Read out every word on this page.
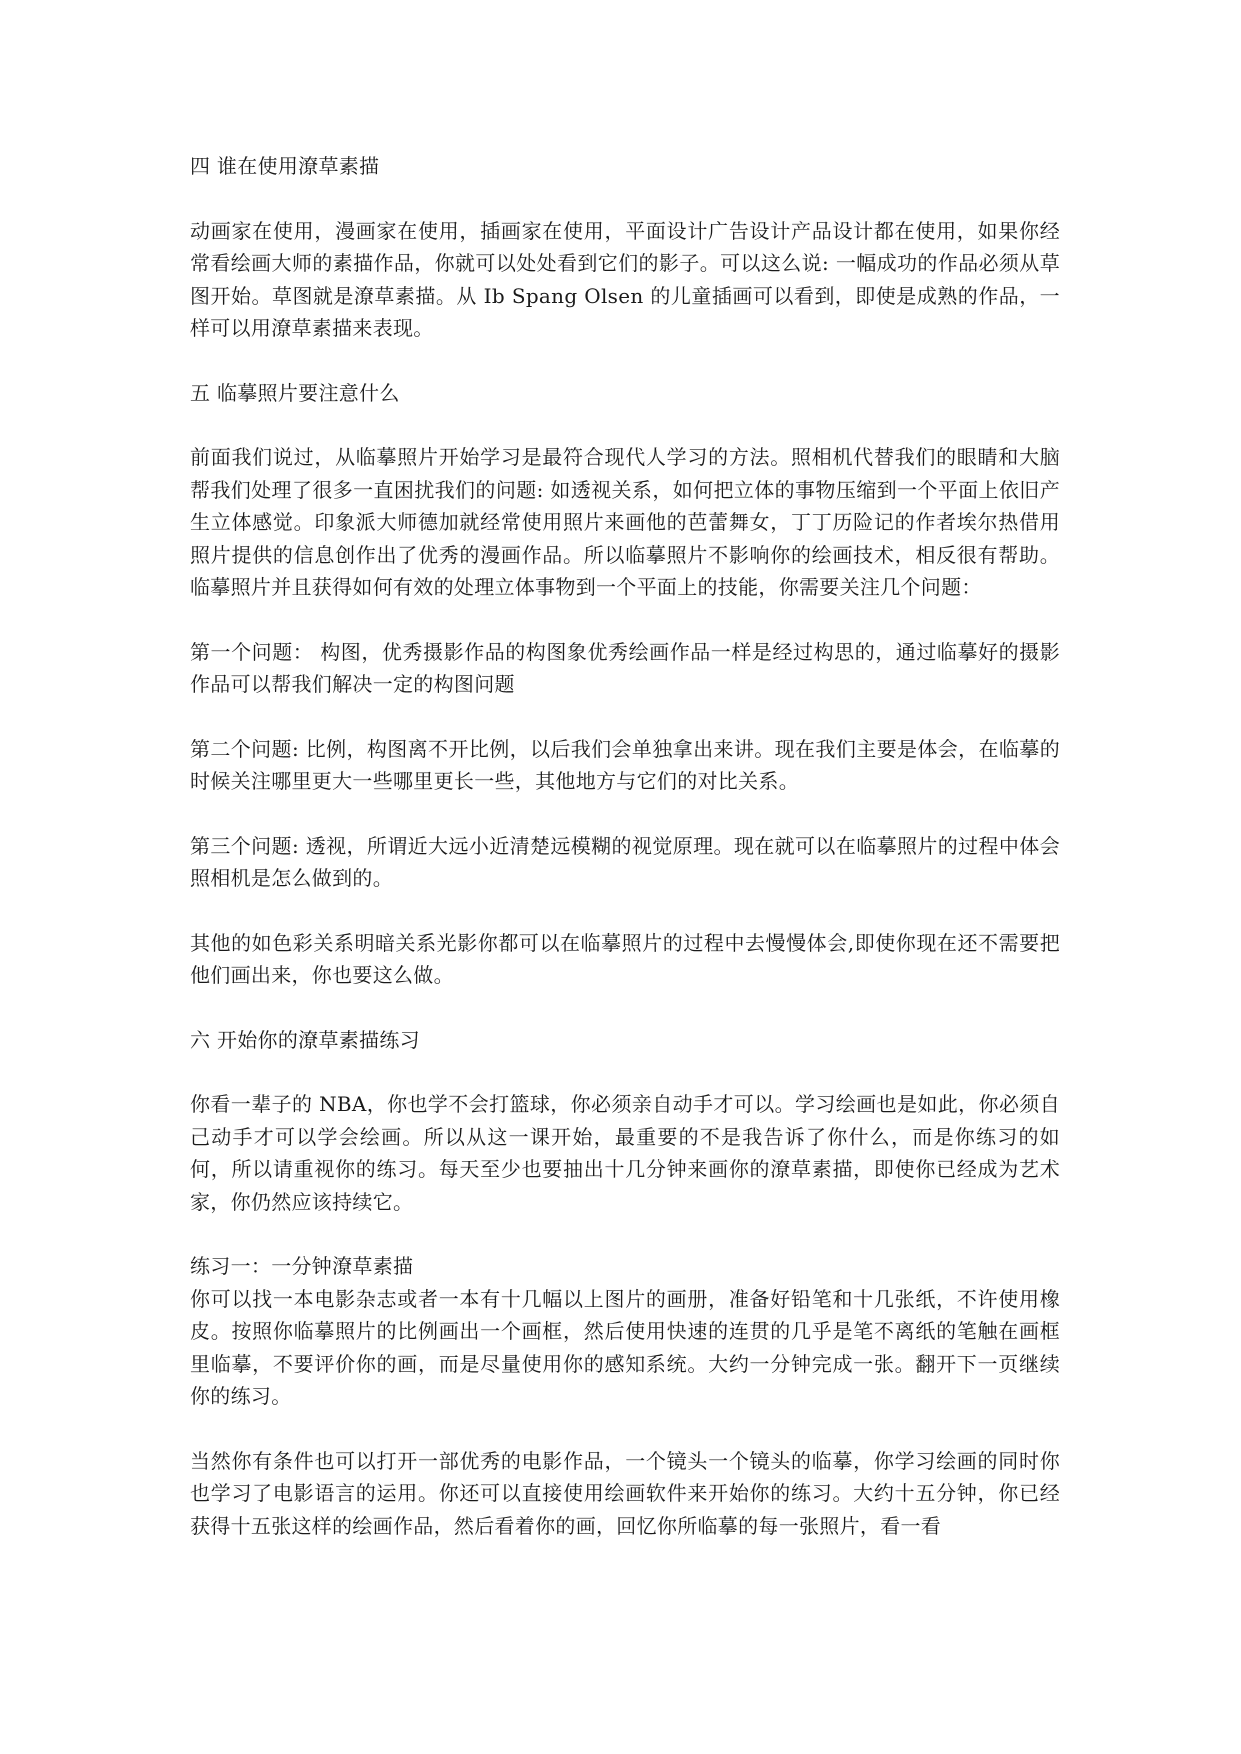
四 谁在使用潦草素描

动画家在使用，漫画家在使用，插画家在使用，平面设计广告设计产品设计都在使用，如果你经常看绘画大师的素描作品，你就可以处处看到它们的影子。可以这么说: 一幅成功的作品必须从草图开始。草图就是潦草素描。从 Ib Spang Olsen 的儿童插画可以看到，即使是成熟的作品，一样可以用潦草素描来表现。

五 临摹照片要注意什么

前面我们说过，从临摹照片开始学习是最符合现代人学习的方法。照相机代替我们的眼睛和大脑帮我们处理了很多一直困扰我们的问题: 如透视关系，如何把立体的事物压缩到一个平面上依旧产生立体感觉。印象派大师德加就经常使用照片来画他的芭蕾舞女，丁丁历险记的作者埃尔热借用照片提供的信息创作出了优秀的漫画作品。所以临摹照片不影响你的绘画技术，相反很有帮助。临摹照片并且获得如何有效的处理立体事物到一个平面上的技能，你需要关注几个问题：

第一个问题： 构图，优秀摄影作品的构图象优秀绘画作品一样是经过构思的，通过临摹好的摄影作品可以帮我们解决一定的构图问题

第二个问题: 比例，构图离不开比例，以后我们会单独拿出来讲。现在我们主要是体会，在临摹的时候关注哪里更大一些哪里更长一些，其他地方与它们的对比关系。

第三个问题: 透视，所谓近大远小近清楚远模糊的视觉原理。现在就可以在临摹照片的过程中体会照相机是怎么做到的。

其他的如色彩关系明暗关系光影你都可以在临摹照片的过程中去慢慢体会,即使你现在还不需要把他们画出来，你也要这么做。

六 开始你的潦草素描练习

你看一辈子的 NBA，你也学不会打篮球，你必须亲自动手才可以。学习绘画也是如此，你必须自己动手才可以学会绘画。所以从这一课开始，最重要的不是我告诉了你什么，而是你练习的如何，所以请重视你的练习。每天至少也要抽出十几分钟来画你的潦草素描，即使你已经成为艺术家，你仍然应该持续它。

练习一：一分钟潦草素描

你可以找一本电影杂志或者一本有十几幅以上图片的画册，准备好铅笔和十几张纸，不许使用橡皮。按照你临摹照片的比例画出一个画框，然后使用快速的连贯的几乎是笔不离纸的笔触在画框里临摹，不要评价你的画，而是尽量使用你的感知系统。大约一分钟完成一张。翻开下一页继续你的练习。

当然你有条件也可以打开一部优秀的电影作品，一个镜头一个镜头的临摹，你学习绘画的同时你也学习了电影语言的运用。你还可以直接使用绘画软件来开始你的练习。大约十五分钟，你已经获得十五张这样的绘画作品，然后看着你的画，回忆你所临摹的每一张照片，看一看
